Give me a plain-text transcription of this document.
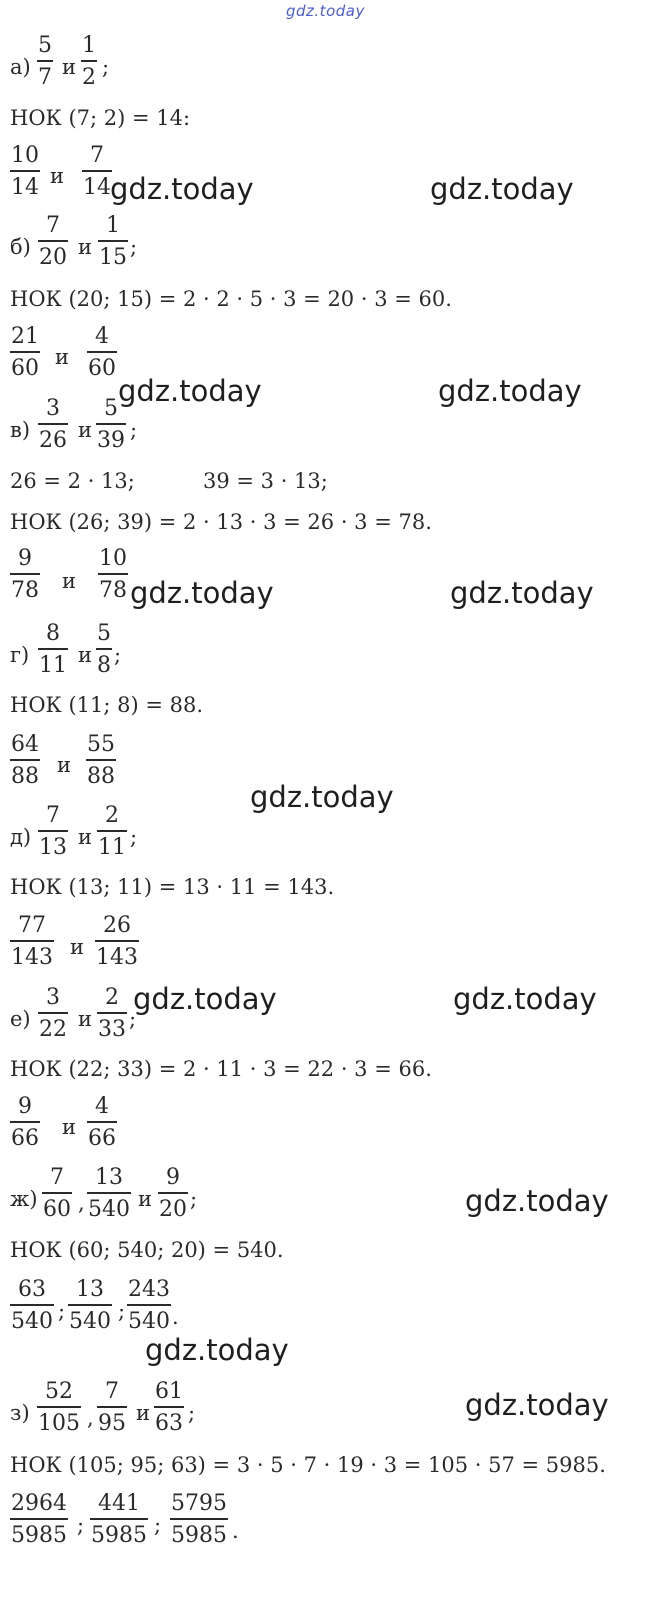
gdz.today
а)
5
7 и
1
2 ;
НОК (7; 2) = 14:
10
14 и
7
14 gdz.today	gdz.today
б)
7
20 и
1
15 ;
НОК (20; 15) = 2 · 2 · 5 · 3 = 20 · 3 = 60.
21
60 и
4
60
gdz.today	gdz.today
в)
3
26 и
5
39 ;
26 = 2 · 13;	39 = 3 · 13;
НОК (26; 39) = 2 · 13 · 3 = 26 · 3 = 78.
9
78 и
10
78 gdz.today	gdz.today
г)
8
11 и
5
8 ;
НОК (11; 8) = 88.
64
88 и
55
88
gdz.today
д)
7
13 и
2
11 ;
НОК (13; 11) = 13 · 11 = 143.
77
143 и
26
143
gdz.today	gdz.today
е)
3
22 и
2
33 ;
НОК (22; 33) = 2 · 11 · 3 = 22 · 3 = 66.
9
66 и
4
66
ж)
7
60 ,
13
540 и
9
20 ;
НОК (60; 540; 20) = 540.
63
540 ;
13
540 ;
243
540 .
gdz.today
gdz.today
з)
52
105 ,
7
95 и
61
63 ;
НОК (105; 95; 63) = 3 · 5 · 7 · 19 · 3 = 105 · 57 = 5985.
2964
5985 ;
441
5985 ;
5795
5985 .
gdz.today
